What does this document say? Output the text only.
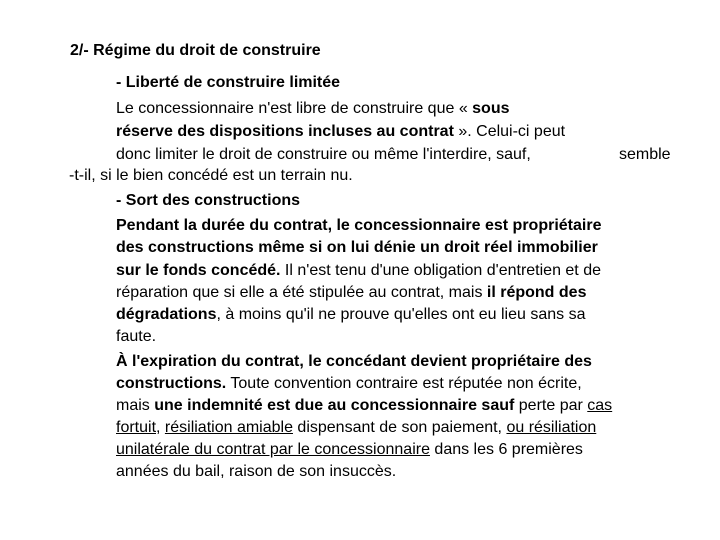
2/- Régime du droit de construire
- Liberté de construire limitée
Le concessionnaire n'est libre de construire que « sous
réserve des dispositions incluses au contrat ». Celui-ci peut
donc limiter le droit de construire ou même l'interdire, sauf,	semble
-t-il, si le bien concédé est un terrain nu.
- Sort des constructions
Pendant la durée du contrat, le concessionnaire est propriétaire
des constructions même si on lui dénie un droit réel immobilier
sur le fonds concédé. Il n'est tenu d'une obligation d'entretien et de
réparation que si elle a été stipulée au contrat, mais il répond des
dégradations, à moins qu'il ne prouve qu'elles ont eu lieu sans sa
faute.
À l'expiration du contrat, le concédant devient propriétaire des
constructions. Toute convention contraire est réputée non écrite,
mais une indemnité est due au concessionnaire sauf perte par cas
fortuit, résiliation amiable dispensant de son paiement, ou résiliation
unilatérale du contrat par le concessionnaire dans les 6 premières
années du bail, raison de son insuccès.
